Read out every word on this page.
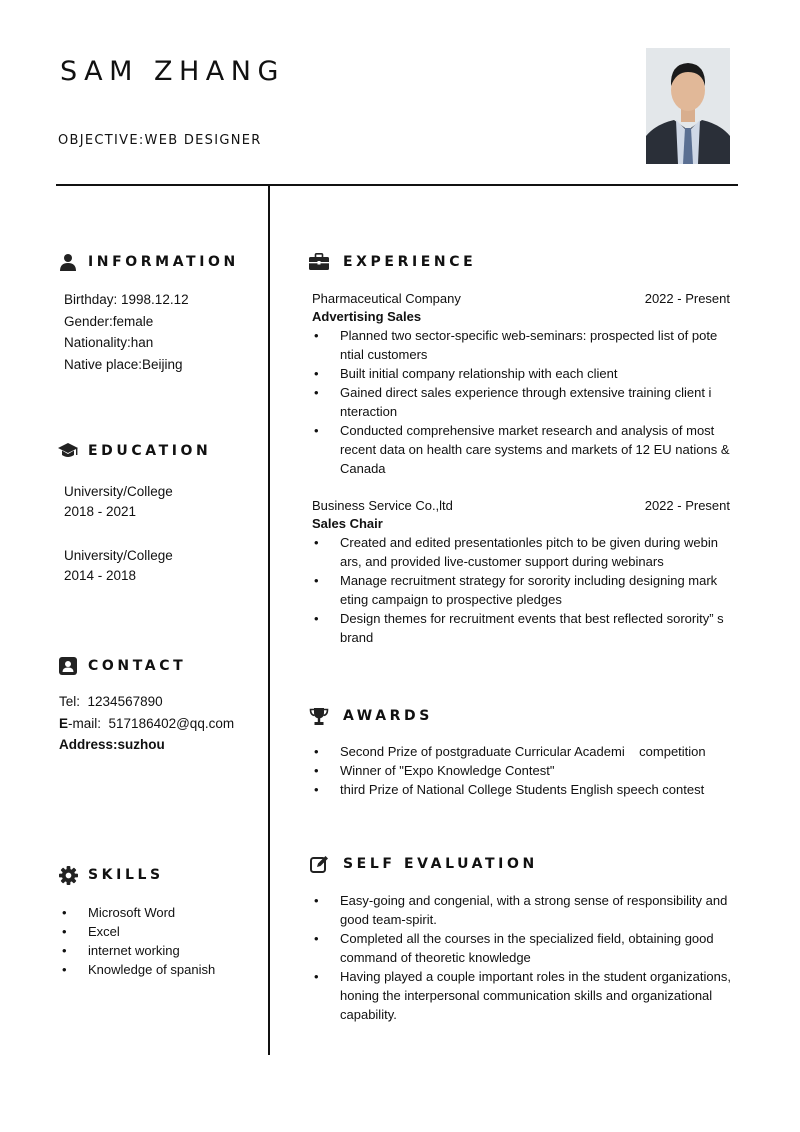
SAM ZHANG
OBJECTIVE:WEB DESIGNER
INFORMATION
Birthday: 1998.12.12
Gender:female
Nationality:han
Native place:Beijing
EDUCATION
University/College
2018 - 2021
University/College
2014 - 2018
CONTACT
Tel: 1234567890
E-mail: 517186402@qq.com
Address:suzhou
SKILLS
• Microsoft Word
• Excel
• internet working
• Knowledge of spanish
EXPERIENCE
Pharmaceutical Company	2022 - Present
Advertising Sales
• Planned two sector-specific web-seminars: prospected list of pote ntial customers
• Built initial company relationship with each client
• Gained direct sales experience through extensive training client i nteraction
• Conducted comprehensive market research and analysis of most recent data on health care systems and markets of 12 EU nations & Canada
Business Service Co.,ltd	2022 - Present
Sales Chair
• Created and edited presentationles pitch to be given during webin ars, and provided live-customer support during webinars
• Manage recruitment strategy for sorority including designing mark eting campaign to prospective pledges
• Design themes for recruitment events that best reflected sorority” s brand
AWARDS
• Second Prize of postgraduate Curricular Academi    competition
• Winner of "Expo Knowledge Contest"
• third Prize of National College Students English speech contest
SELF EVALUATION
• Easy-going and congenial, with a strong sense of responsibility and good team-spirit.
• Completed all the courses in the specialized field, obtaining good command of theoretic knowledge
• Having played a couple important roles in the student organizations, honing the interpersonal communication skills and organizational capability.
